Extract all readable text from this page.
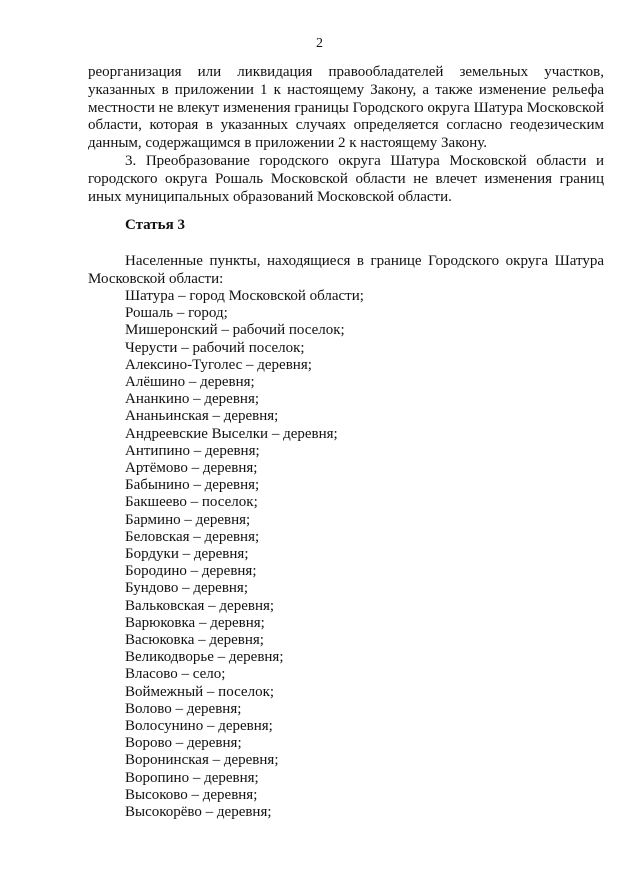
2

реорганизация или ликвидация правообладателей земельных участков, указанных в приложении 1 к настоящему Закону, а также изменение рельефа местности не влекут изменения границы Городского округа Шатура Московской области, которая в указанных случаях определяется согласно геодезическим данным, содержащимся в приложении 2 к настоящему Закону.

3. Преобразование городского округа Шатура Московской области и городского округа Рошаль Московской области не влечет изменения границ иных муниципальных образований Московской области.

Статья 3

Населенные пункты, находящиеся в границе Городского округа Шатура Московской области:

Шатура – город Московской области;
Рошаль – город;
Мишеронский – рабочий поселок;
Черусти – рабочий поселок;
Алексино-Туголес – деревня;
Алёшино – деревня;
Ананкино – деревня;
Ананьинская – деревня;
Андреевские Выселки – деревня;
Антипино – деревня;
Артёмово – деревня;
Бабынино – деревня;
Бакшеево – поселок;
Бармино – деревня;
Беловская – деревня;
Бордуки – деревня;
Бородино – деревня;
Бундово – деревня;
Вальковская – деревня;
Варюковка – деревня;
Васюковка – деревня;
Великодворье – деревня;
Власово – село;
Воймежный – поселок;
Волово – деревня;
Волосунино – деревня;
Ворово – деревня;
Воронинская – деревня;
Воропино – деревня;
Высоково – деревня;
Высокорёво – деревня;
